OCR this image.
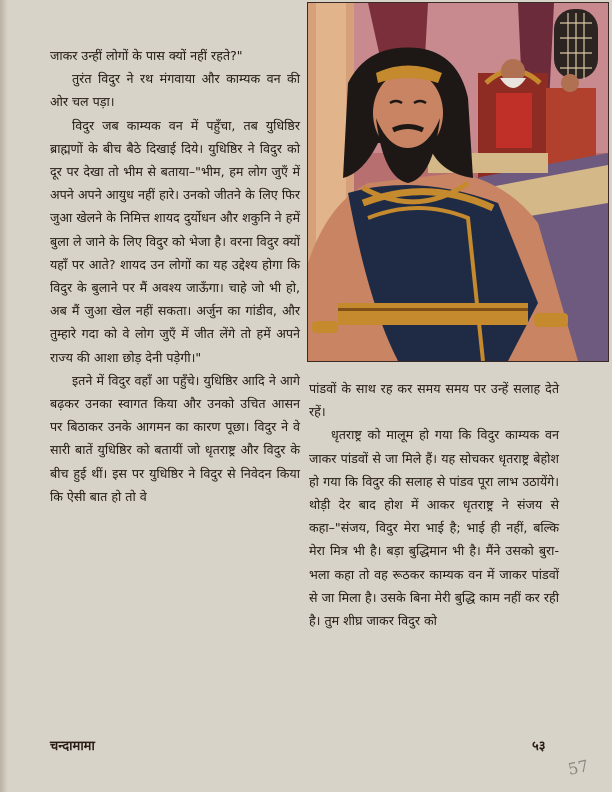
जाकर उन्हीं लोगों के पास क्यों नहीं रहते?"

तुरंत विदुर ने रथ मंगवाया और काम्यक वन की ओर चल पड़ा।

विदुर जब काम्यक वन में पहुँचा, तब युधिष्ठिर ब्राह्मणों के बीच बैठे दिखाई दिये। युधिष्ठिर ने विदुर को दूर पर देखा तो भीम से बताया–"भीम, हम लोग जुएँ में अपने अपने आयुध नहीं हारे। उनको जीतने के लिए फिर जुआ खेलने के निमित्त शायद दुर्योधन और शकुनि ने हमें बुला ले जाने के लिए विदुर को भेजा है। वरना विदुर क्यों यहाँ पर आते? शायद उन लोगों का यह उद्देश्य होगा कि विदुर के बुलाने पर मैं अवश्य जाऊँगा। चाहे जो भी हो, अब मैं जुआ खेल नहीं सकता। अर्जुन का गांडीव, और तुम्हारे गदा को वे लोग जुएँ में जीत लेंगे तो हमें अपने राज्य की आशा छोड़ देनी पड़ेगी।"

इतने में विदुर वहाँ आ पहुँचे। युधिष्ठिर आदि ने आगे बढ़कर उनका स्वागत किया और उनको उचित आसन पर बिठाकर उनके आगमन का कारण पूछा। विदुर ने वे सारी बातें युधिष्ठिर को बतायीं जो धृतराष्ट्र और विदुर के बीच हुई थीं। इस पर युधिष्ठिर ने विदुर से निवेदन किया कि ऐसी बात हो तो वे

पांडवों के साथ रह कर समय समय पर उन्हें सलाह देते रहें।

धृतराष्ट्र को मालूम हो गया कि विदुर काम्यक वन जाकर पांडवों से जा मिले हैं। यह सोचकर धृतराष्ट्र बेहोश हो गया कि विदुर की सलाह से पांडव पूरा लाभ उठायेंगे। थोड़ी देर बाद होश में आकर धृतराष्ट्र ने संजय से कहा–"संजय, विदुर मेरा भाई है; भाई ही नहीं, बल्कि मेरा मित्र भी है। बड़ा बुद्धिमान भी है। मैंने उसको बुरा-भला कहा तो वह रूठकर काम्यक वन में जाकर पांडवों से जा मिला है। उसके बिना मेरी बुद्धि काम नहीं कर रही है। तुम शीघ्र जाकर विदुर को

चन्दामामा	५३
57
